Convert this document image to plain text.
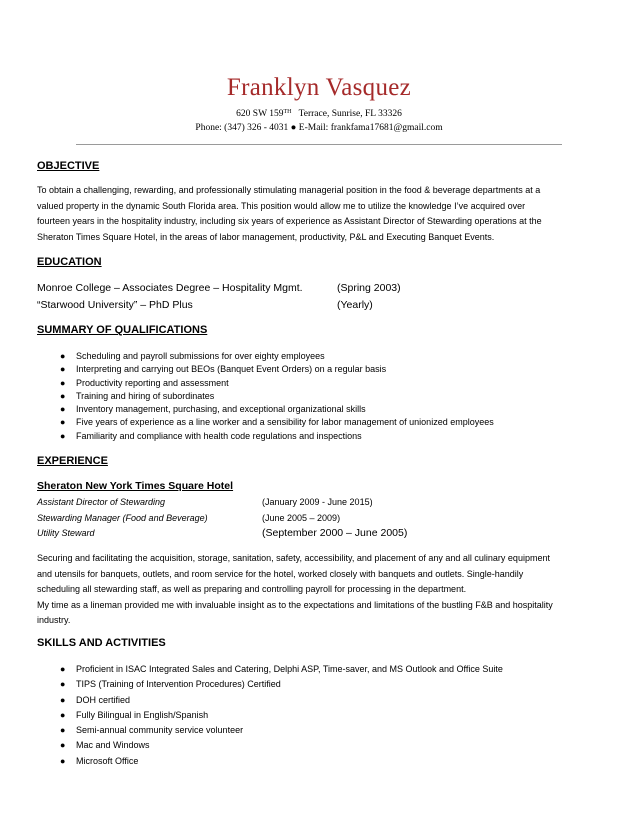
Franklyn Vasquez
620 SW 159TH Terrace, Sunrise, FL 33326
Phone: (347) 326 - 4031 ● E-Mail: frankfama17681@gmail.com
OBJECTIVE
To obtain a challenging, rewarding, and professionally stimulating managerial position in the food & beverage departments at a
valued property in the dynamic South Florida area. This position would allow me to utilize the knowledge I’ve acquired over
fourteen years in the hospitality industry, including six years of experience as Assistant Director of Stewarding operations at the
Sheraton Times Square Hotel, in the areas of labor management, productivity, P&L and Executing Banquet Events.
EDUCATION
Monroe College – Associates Degree – Hospitality Mgmt.	(Spring 2003)
“Starwood University” – PhD Plus	(Yearly)
SUMMARY OF QUALIFICATIONS
● Scheduling and payroll submissions for over eighty employees
● Interpreting and carrying out BEOs (Banquet Event Orders) on a regular basis
● Productivity reporting and assessment
● Training and hiring of subordinates
● Inventory management, purchasing, and exceptional organizational skills
● Five years of experience as a line worker and a sensibility for labor management of unionized employees
● Familiarity and compliance with health code regulations and inspections
EXPERIENCE
Sheraton New York Times Square Hotel
Assistant Director of Stewarding	(January 2009 - June 2015)
Stewarding Manager (Food and Beverage)	(June 2005 – 2009)
Utility Steward	(September 2000 – June 2005)
Securing and facilitating the acquisition, storage, sanitation, safety, accessibility, and placement of any and all culinary equipment
and utensils for banquets, outlets, and room service for the hotel, worked closely with banquets and outlets. Single-handily
scheduling all stewarding staff, as well as preparing and controlling payroll for processing in the department.
My time as a lineman provided me with invaluable insight as to the expectations and limitations of the bustling F&B and hospitality
industry.
SKILLS AND ACTIVITIES
● Proficient in ISAC Integrated Sales and Catering, Delphi ASP, Time-saver, and MS Outlook and Office Suite
● TIPS (Training of Intervention Procedures) Certified
● DOH certified
● Fully Bilingual in English/Spanish
● Semi-annual community service volunteer
● Mac and Windows
● Microsoft Office
